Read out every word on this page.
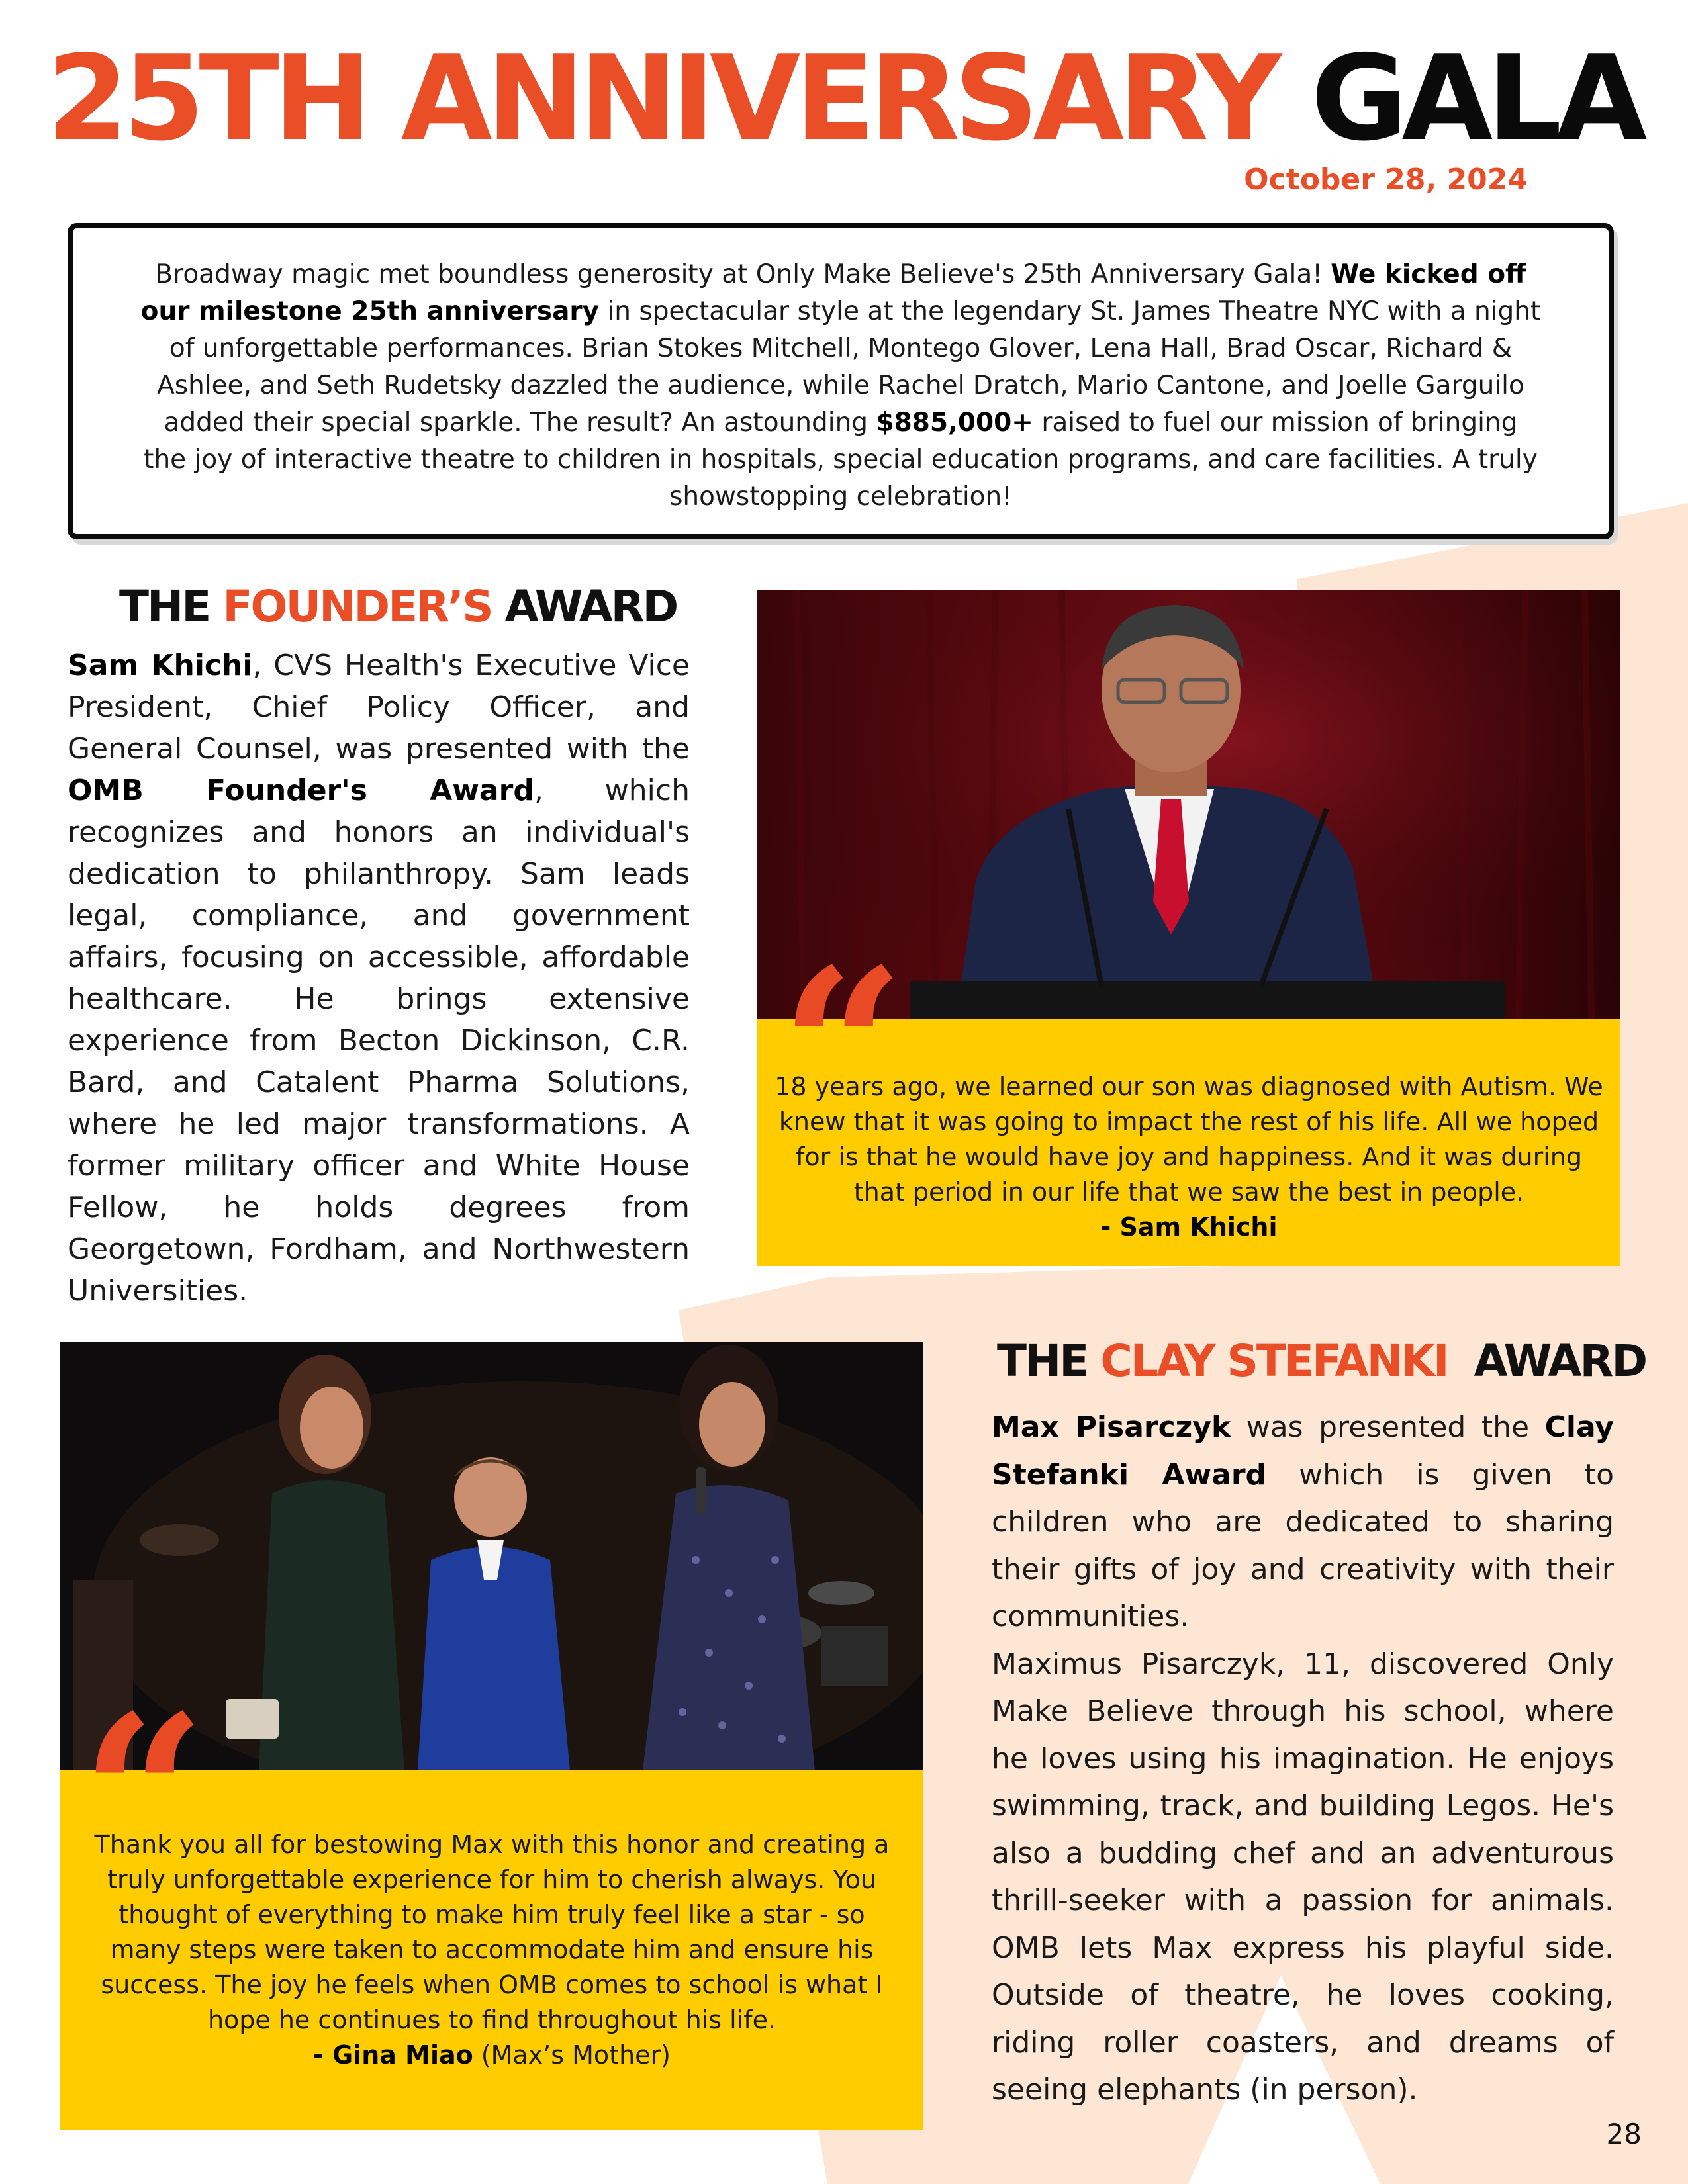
25TH ANNIVERSARY GALA
October 28, 2024
Broadway magic met boundless generosity at Only Make Believe's 25th Anniversary Gala! We kicked off our milestone 25th anniversary in spectacular style at the legendary St. James Theatre NYC with a night of unforgettable performances. Brian Stokes Mitchell, Montego Glover, Lena Hall, Brad Oscar, Richard & Ashlee, and Seth Rudetsky dazzled the audience, while Rachel Dratch, Mario Cantone, and Joelle Garguilo added their special sparkle. The result? An astounding $885,000+ raised to fuel our mission of bringing the joy of interactive theatre to children in hospitals, special education programs, and care facilities. A truly showstopping celebration!
THE FOUNDER’S AWARD
Sam Khichi, CVS Health's Executive Vice President, Chief Policy Officer, and General Counsel, was presented with the OMB Founder's Award, which recognizes and honors an individual's dedication to philanthropy. Sam leads legal, compliance, and government affairs, focusing on accessible, affordable healthcare. He brings extensive experience from Becton Dickinson, C.R. Bard, and Catalent Pharma Solutions, where he led major transformations. A former military officer and White House Fellow, he holds degrees from Georgetown, Fordham, and Northwestern Universities.
18 years ago, we learned our son was diagnosed with Autism. We knew that it was going to impact the rest of his life. All we hoped for is that he would have joy and happiness. And it was during that period in our life that we saw the best in people.
- Sam Khichi
“
THE CLAY STEFANKI  AWARD

Max Pisarczyk was presented the Clay Stefanki Award which is given to children who are dedicated to sharing their gifts of joy and creativity with their communities.

Maximus Pisarczyk, 11, discovered Only Make Believe through his school, where he loves using his imagination. He enjoys swimming, track, and building Legos. He's also a budding chef and an adventurous thrill-seeker with a passion for animals. OMB lets Max express his playful side. Outside of theatre, he loves cooking, riding roller coasters, and dreams of seeing elephants (in person).

Thank you all for bestowing Max with this honor and creating a truly unforgettable experience for him to cherish always. You thought of everything to make him truly feel like a star - so many steps were taken to accommodate him and ensure his success. The joy he feels when OMB comes to school is what I hope he continues to find throughout his life.
- Gina Miao (Max’s Mother)
“
28
